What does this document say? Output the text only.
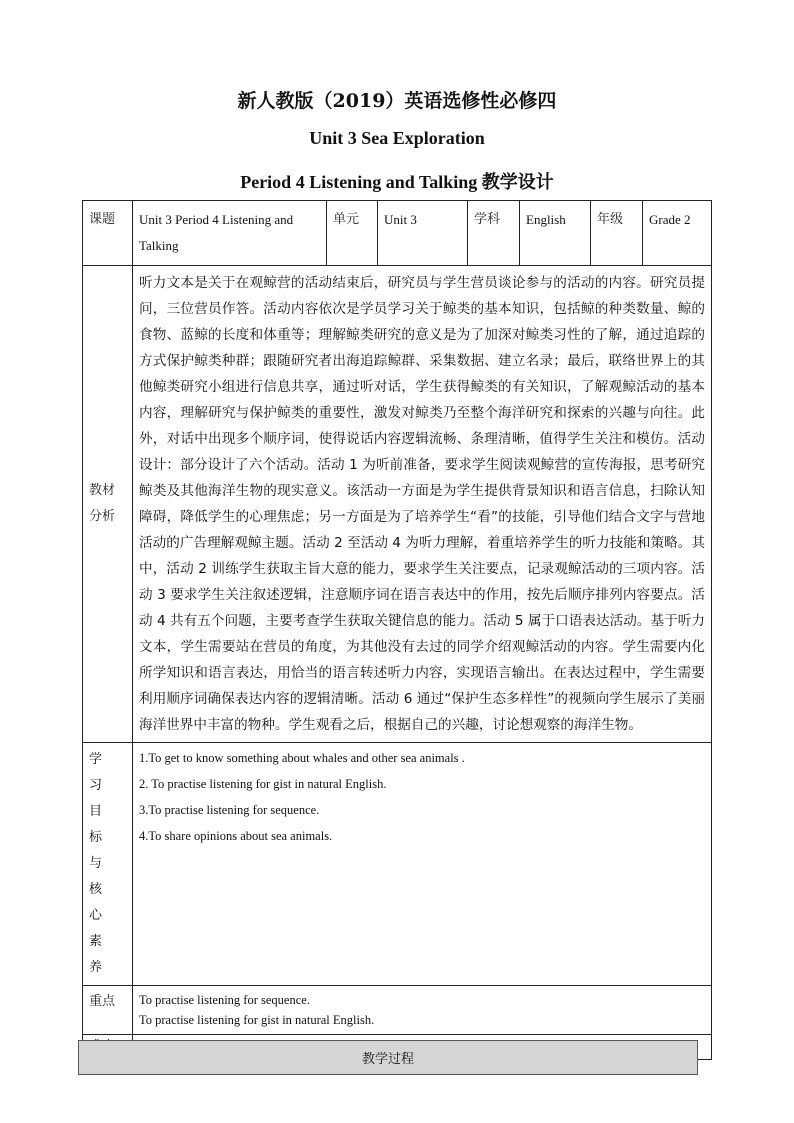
新人教版（2019）英语选修性必修四
Unit 3 Sea Exploration
Period 4 Listening and Talking 教学设计
课题	Unit 3 Period 4 Listening and Talking	单元	Unit 3	学科	English	年级	Grade 2
教材分析	听力文本是关于在观鲸营的活动结束后，研究员与学生营员谈论参与的活动的内容。研究员提问，三位营员作答。活动内容依次是学员学习关于鲸类的基本知识，包括鲸的种类数量、鲸的食物、蓝鲸的长度和体重等；理解鲸类研究的意义是为了加深对鲸类习性的了解，通过追踪的方式保护鲸类种群；跟随研究者出海追踪鲸群、采集数据、建立名录；最后，联络世界上的其他鲸类研究小组进行信息共享，通过听对话，学生获得鲸类的有关知识，了解观鲸活动的基本内容，理解研究与保护鲸类的重要性，激发对鲸类乃至整个海洋研究和探索的兴趣与向往。此外，对话中出现多个顺序词，使得说话内容逻辑流畅、条理清晰，值得学生关注和模仿。活动设计：部分设计了六个活动。活动 1 为听前准备，要求学生阅读观鲸营的宣传海报，思考研究鲸类及其他海洋生物的现实意义。该活动一方面是为学生提供背景知识和语言信息，扫除认知障碍，降低学生的心理焦虑；另一方面是为了培养学生“看”的技能，引导他们结合文字与营地活动的广告理解观鲸主题。活动 2 至活动 4 为听力理解，着重培养学生的听力技能和策略。其中，活动 2 训练学生获取主旨大意的能力，要求学生关注要点，记录观鲸活动的三项内容。活动 3 要求学生关注叙述逻辑，注意顺序词在语言表达中的作用，按先后顺序排列内容要点。活动 4 共有五个问题，主要考查学生获取关键信息的能力。活动 5 属于口语表达活动。基于听力文本，学生需要站在营员的角度，为其他没有去过的同学介绍观鲸活动的内容。学生需要内化所学知识和语言表达，用恰当的语言转述听力内容，实现语言输出。在表达过程中，学生需要利用顺序词确保表达内容的逻辑清晰。活动 6 通过“保护生态多样性”的视频向学生展示了美丽海洋世界中丰富的物种。学生观看之后，根据自己的兴趣，讨论想观察的海洋生物。						
学习目标与核心素养	1.To get to know something about whales and other sea animals .
2. To practise listening for gist in natural English.
3.To practise listening for sequence.
4.To share opinions about sea animals.						

重点	To practise listening for sequence.
To practise listening for gist in natural English.						

教学过程
